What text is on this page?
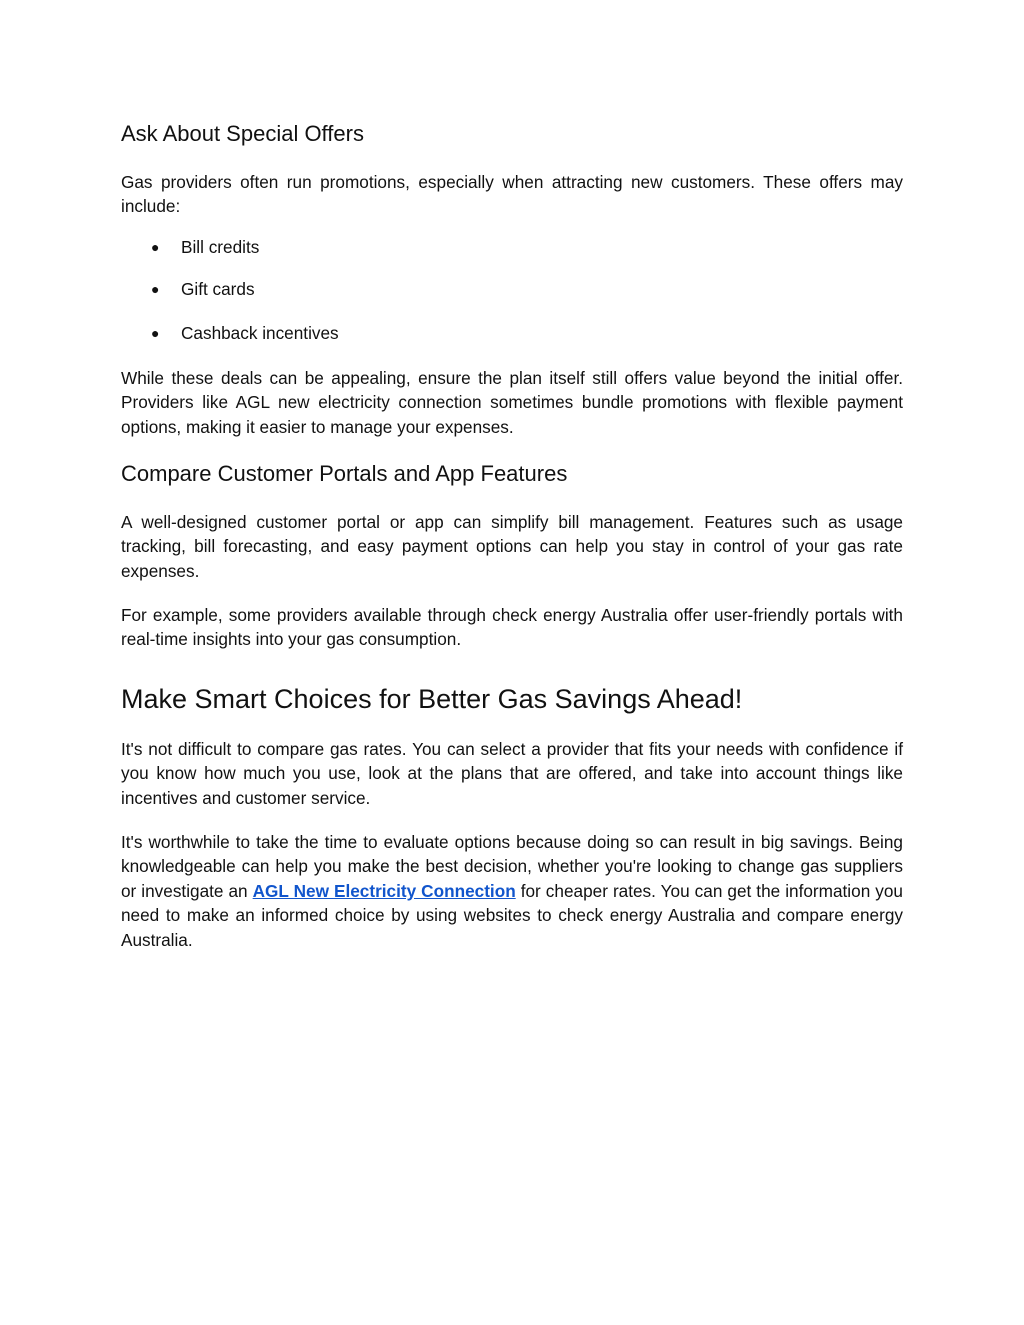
Ask About Special Offers

Gas providers often run promotions, especially when attracting new customers. These offers may include:

● Bill credits
● Gift cards
● Cashback incentives

While these deals can be appealing, ensure the plan itself still offers value beyond the initial offer. Providers like AGL new electricity connection sometimes bundle promotions with flexible payment options, making it easier to manage your expenses.

Compare Customer Portals and App Features

A well-designed customer portal or app can simplify bill management. Features such as usage tracking, bill forecasting, and easy payment options can help you stay in control of your gas rate expenses.

For example, some providers available through check energy Australia offer user-friendly portals with real-time insights into your gas consumption.

Make Smart Choices for Better Gas Savings Ahead!

It's not difficult to compare gas rates. You can select a provider that fits your needs with confidence if you know how much you use, look at the plans that are offered, and take into account things like incentives and customer service.

It's worthwhile to take the time to evaluate options because doing so can result in big savings. Being knowledgeable can help you make the best decision, whether you're looking to change gas suppliers or investigate an AGL New Electricity Connection for cheaper rates. You can get the information you need to make an informed choice by using websites to check energy Australia and compare energy Australia.
